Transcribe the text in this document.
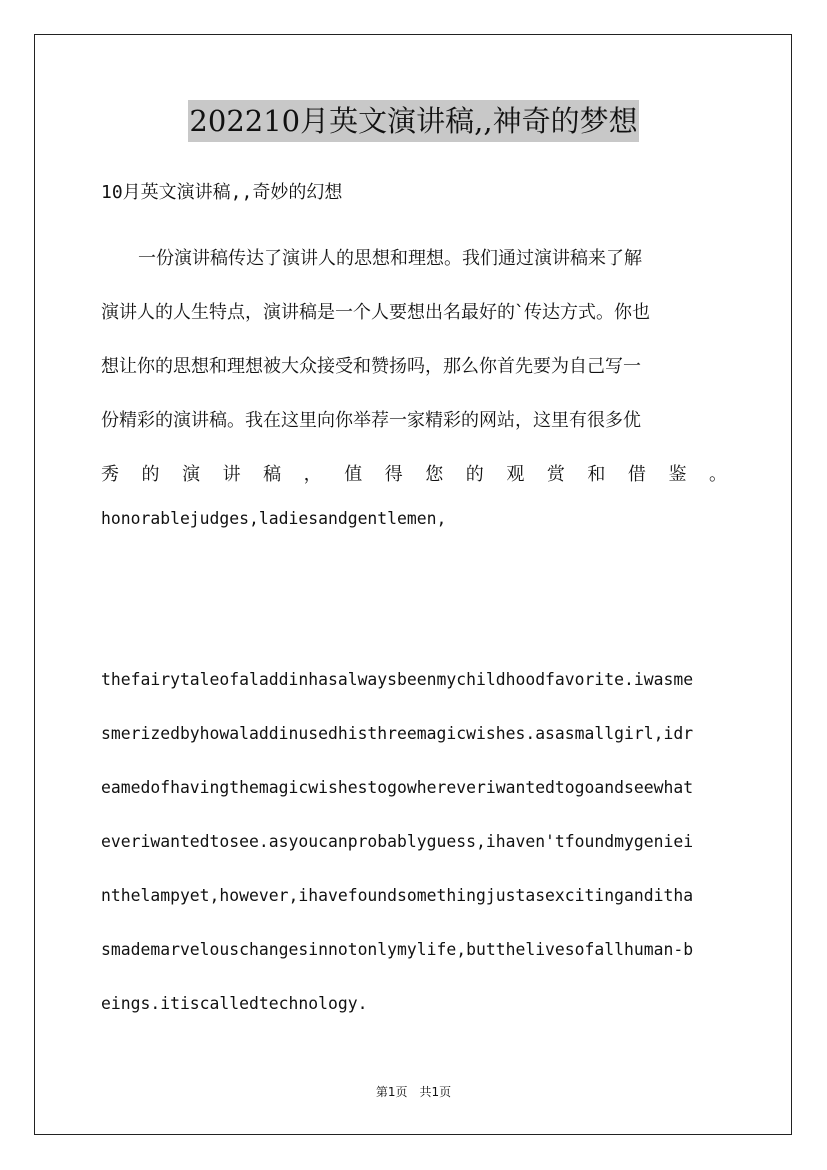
202210月英文演讲稿,,神奇的梦想
10月英文演讲稿,,奇妙的幻想

一份演讲稿传达了演讲人的思想和理想。我们通过演讲稿来了解

演讲人的人生特点，演讲稿是一个人要想出名最好的`传达方式。你也

想让你的思想和理想被大众接受和赞扬吗，那么你首先要为自己写一

份精彩的演讲稿。我在这里向你举荐一家精彩的网站，这里有很多优

秀 的 演 讲 稿 ， 值 得 您 的 观 赏 和 借 鉴 。

honorablejudges,ladiesandgentlemen,
thefairytaleofaladdinhasalwaysbeenmychildhoodfavorite.iwasme
smerizedbyhowaladdinusedhisthreemagicwishes.asasmallgirl,idr
eamedofhavingthemagicwishestogowhereveriwantedtogoandseewhat
everiwantedtosee.asyoucanprobablyguess,ihaven'tfoundmygeniei
nthelampyet,however,ihavefoundsomethingjustasexcitinganditha
smademarvelouschangesinnotonlymylife,butthelivesofallhuman-b
eings.itiscalledtechnology.
第1页 共1页
